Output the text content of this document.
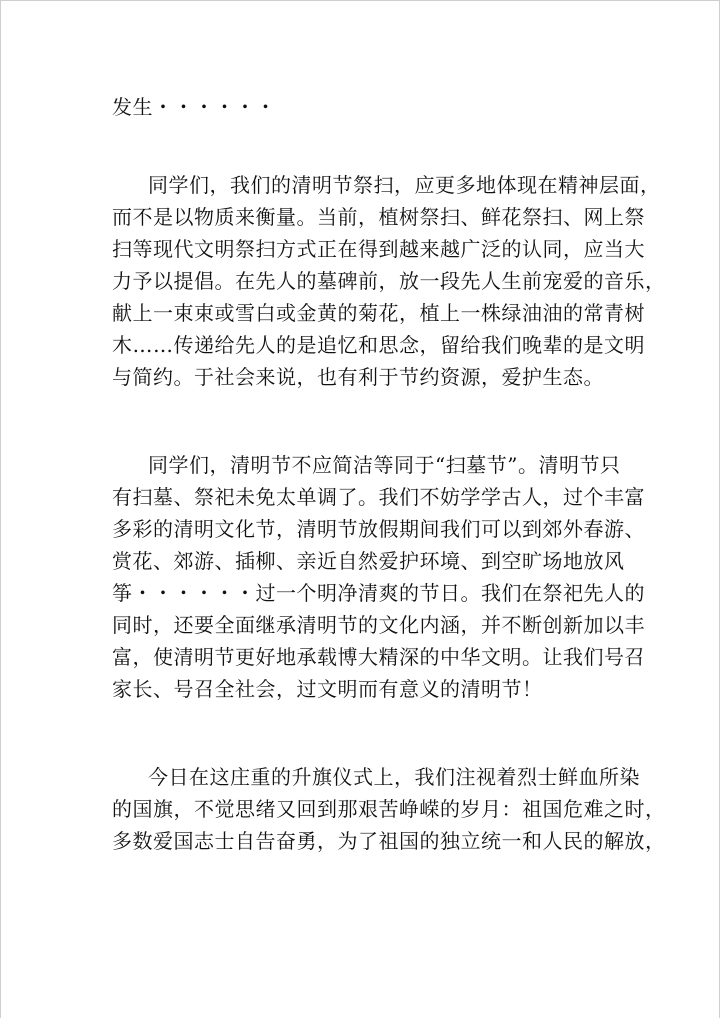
发生・・・・・・
同学们，我们的清明节祭扫，应更多地体现在精神层面，
而不是以物质来衡量。当前，植树祭扫、鲜花祭扫、网上祭
扫等现代文明祭扫方式正在得到越来越广泛的认同，应当大
力予以提倡。在先人的墓碑前，放一段先人生前宠爱的音乐，
献上一束束或雪白或金黄的菊花，植上一株绿油油的常青树
木……传递给先人的是追忆和思念，留给我们晚辈的是文明
与简约。于社会来说，也有利于节约资源，爱护生态。
同学们，清明节不应简洁等同于“扫墓节”。清明节只
有扫墓、祭祀未免太单调了。我们不妨学学古人，过个丰富
多彩的清明文化节，清明节放假期间我们可以到郊外春游、
赏花、郊游、插柳、亲近自然爱护环境、到空旷场地放风
筝・・・・・・过一个明净清爽的节日。我们在祭祀先人的
同时，还要全面继承清明节的文化内涵，并不断创新加以丰
富，使清明节更好地承载博大精深的中华文明。让我们号召
家长、号召全社会，过文明而有意义的清明节！
今日在这庄重的升旗仪式上，我们注视着烈士鲜血所染
的国旗，不觉思绪又回到那艰苦峥嵘的岁月：祖国危难之时，
多数爱国志士自告奋勇，为了祖国的独立统一和人民的解放，
